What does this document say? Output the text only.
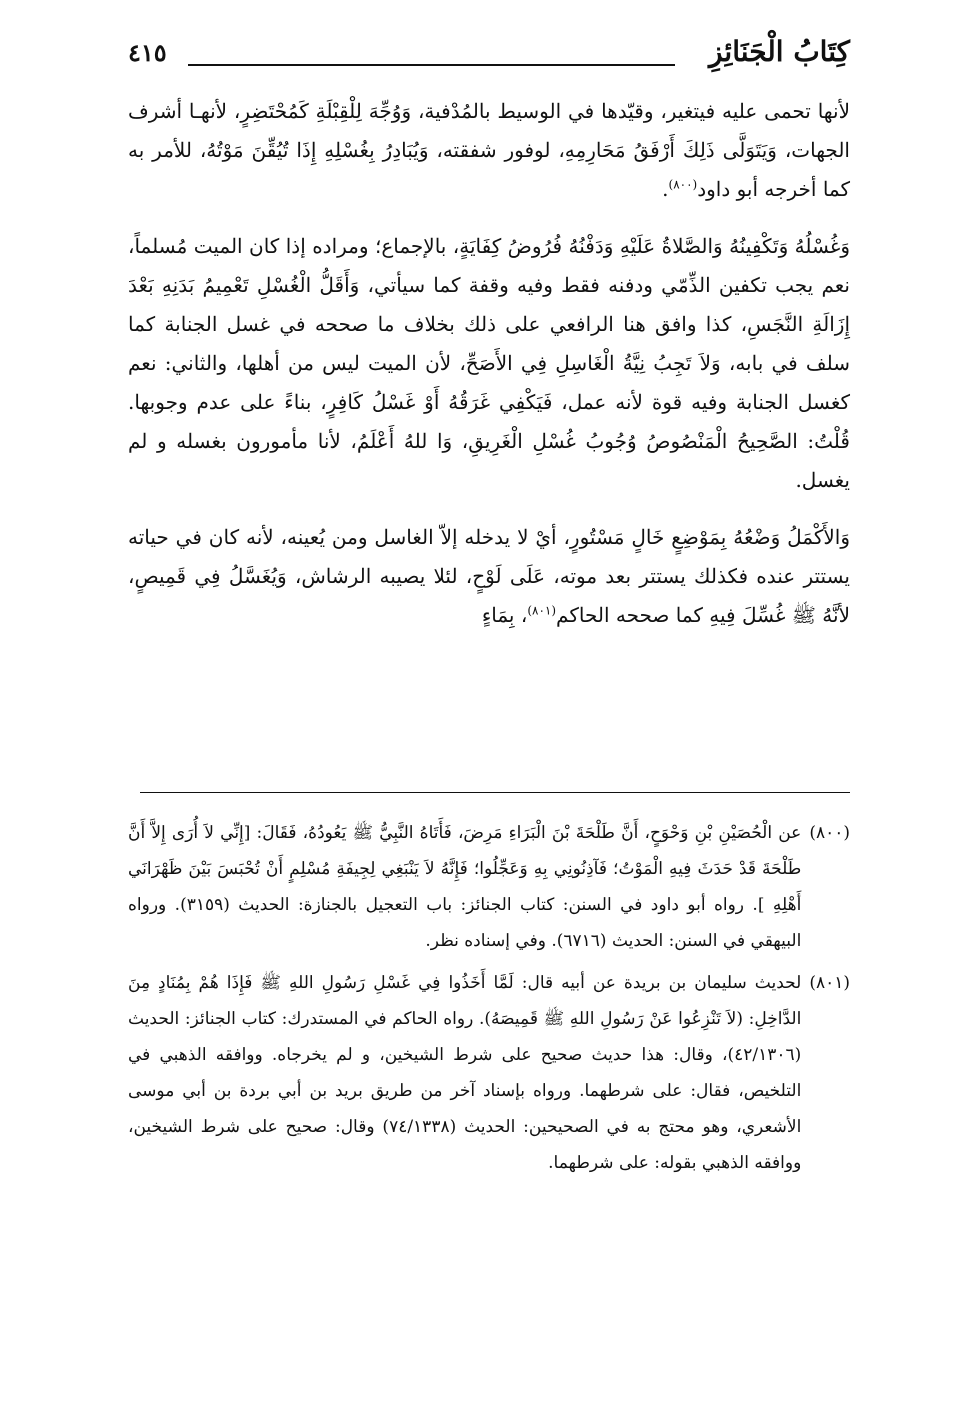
كِتَابُ الْجَنَائِزِ
٤١٥

لأنها تحمى عليه فيتغير، وقيّدها في الوسيط بالمُدْفية، وَوُجِّهَ لِلْقِبْلَةِ كَمُحْتَضِرٍ، لأنهـا أشرف الجهات، وَيَتَوَلَّى ذَلِكَ أَرْفَقُ مَحَارِمِهِ، لوفور شفقته، وَيُبَادِرُ بِغُسْلِهِ إِذَا تُيُقِّنَ مَوْتُهُ، للأمر به كما أخرجه أبو داود$^{(٨٠٠)}$.

وَغُسْلُهُ وَتَكْفِينُهُ وَالصَّلاةُ عَلَيْهِ وَدَفْنُهُ فُرُوضُ كِفَايَةٍ، بالإجماع؛ ومراده إذا كان الميت مُسلماً، نعم يجب تكفين الذِّمّي ودفنه فقط وفيه وقفة كما سيأتي، وَأَقَلُّ الْغُسْلِ تَعْمِيمُ بَدَنِهِ بَعْدَ إِزَالَةِ النَّجَسِ، كذا وافق هنا الرافعي على ذلك بخلاف ما صححه في غسل الجنابة كما سلف في بابه، وَلاَ تَجِبُ نِيَّةُ الْغَاسِلِ فِي الأَصَحِّ، لأن الميت ليس من أهلها، والثاني: نعم كغسل الجنابة وفيه قوة لأنه عمل، فَيَكْفِي غَرَقُهُ أَوْ غَسْلُ كَافِرٍ، بناءً على عدم وجوبها. قُلْتُ: الصَّحِيحُ الْمَنْصُوصُ وُجُوبُ غُسْلِ الْغَرِيقِ، وَا للهُ أَعْلَمُ، لأنا مأمورون بغسله و لم يغسل.

وَالأَكْمَلُ وَضْعُهُ بِمَوْضِعٍ خَالٍ مَسْتُورٍ، أيْ لا يدخله إلاّ الغاسل ومن يُعينه، لأنه كان في حياته يستتر عنده فكذلك يستتر بعد موته، عَلَى لَوْحٍ، لئلا يصيبه الرشاش، وَيُغَسَّلُ فِي قَمِيصٍ، لأنَّهُ ﷺ غُسِّلَ فِيهِ كما صححه الحاكم$^{(٨٠١)}$، بِمَاءٍ

(٨٠٠)
عن الْحُصَيْنِ بْنِ وَحْوَحٍ، أَنَّ طَلْحَةَ بْنَ الْبَرَاءِ مَرِضَ، فَأَتَاهُ النَّبِيُّ ﷺ يَعُودُهُ، فَقَالَ: [إِنِّي لاَ أُرَى إِلاَّ أَنَّ طَلْحَةَ قَدْ حَدَثَ فِيهِ الْمَوْتُ؛ فَآذِنُونِي بِهِ وَعَجِّلُوا؛ فَإِنَّهُ لاَ يَنْبَغِي لِجِيفَةِ مُسْلِمٍ أَنْ تُحْبَسَ بَيْنَ ظَهْرَانَي أَهْلِهِ ]. رواه أبو داود في السنن: كتاب الجنائز: باب التعجيل بالجنازة: الحديث (٣١٥٩). ورواه البيهقي في السنن: الحديث (٦٧١٦). وفي إسناده نظر.
(٨٠١)
لحديث سليمان بن بريدة عن أبيه قال: لَمَّا أَخَذُوا فِي غَسْلِ رَسُولِ اللهِ ﷺ فَإِذَا هُمْ بِمُنَادٍ مِنَ الدَّاخِلِ: (لاَ تَنْزِعُوا عَنْ رَسُولِ اللهِ ﷺ قَمِيصَهُ). رواه الحاكم في المستدرك: كتاب الجنائز: الحديث (٤٢/١٣٠٦)، وقال: هذا حديث صحيح على شرط الشيخين، و لم يخرجاه. ووافقه الذهبي في التلخيص، فقال: على شرطهما. ورواه بإسناد آخر من طريق بريد بن أبي بردة بن أبي موسى الأشعري، وهو محتج به في الصحيحين: الحديث (٧٤/١٣٣٨) وقال: صحيح على شرط الشيخين، ووافقه الذهبي بقوله: على شرطهما.
